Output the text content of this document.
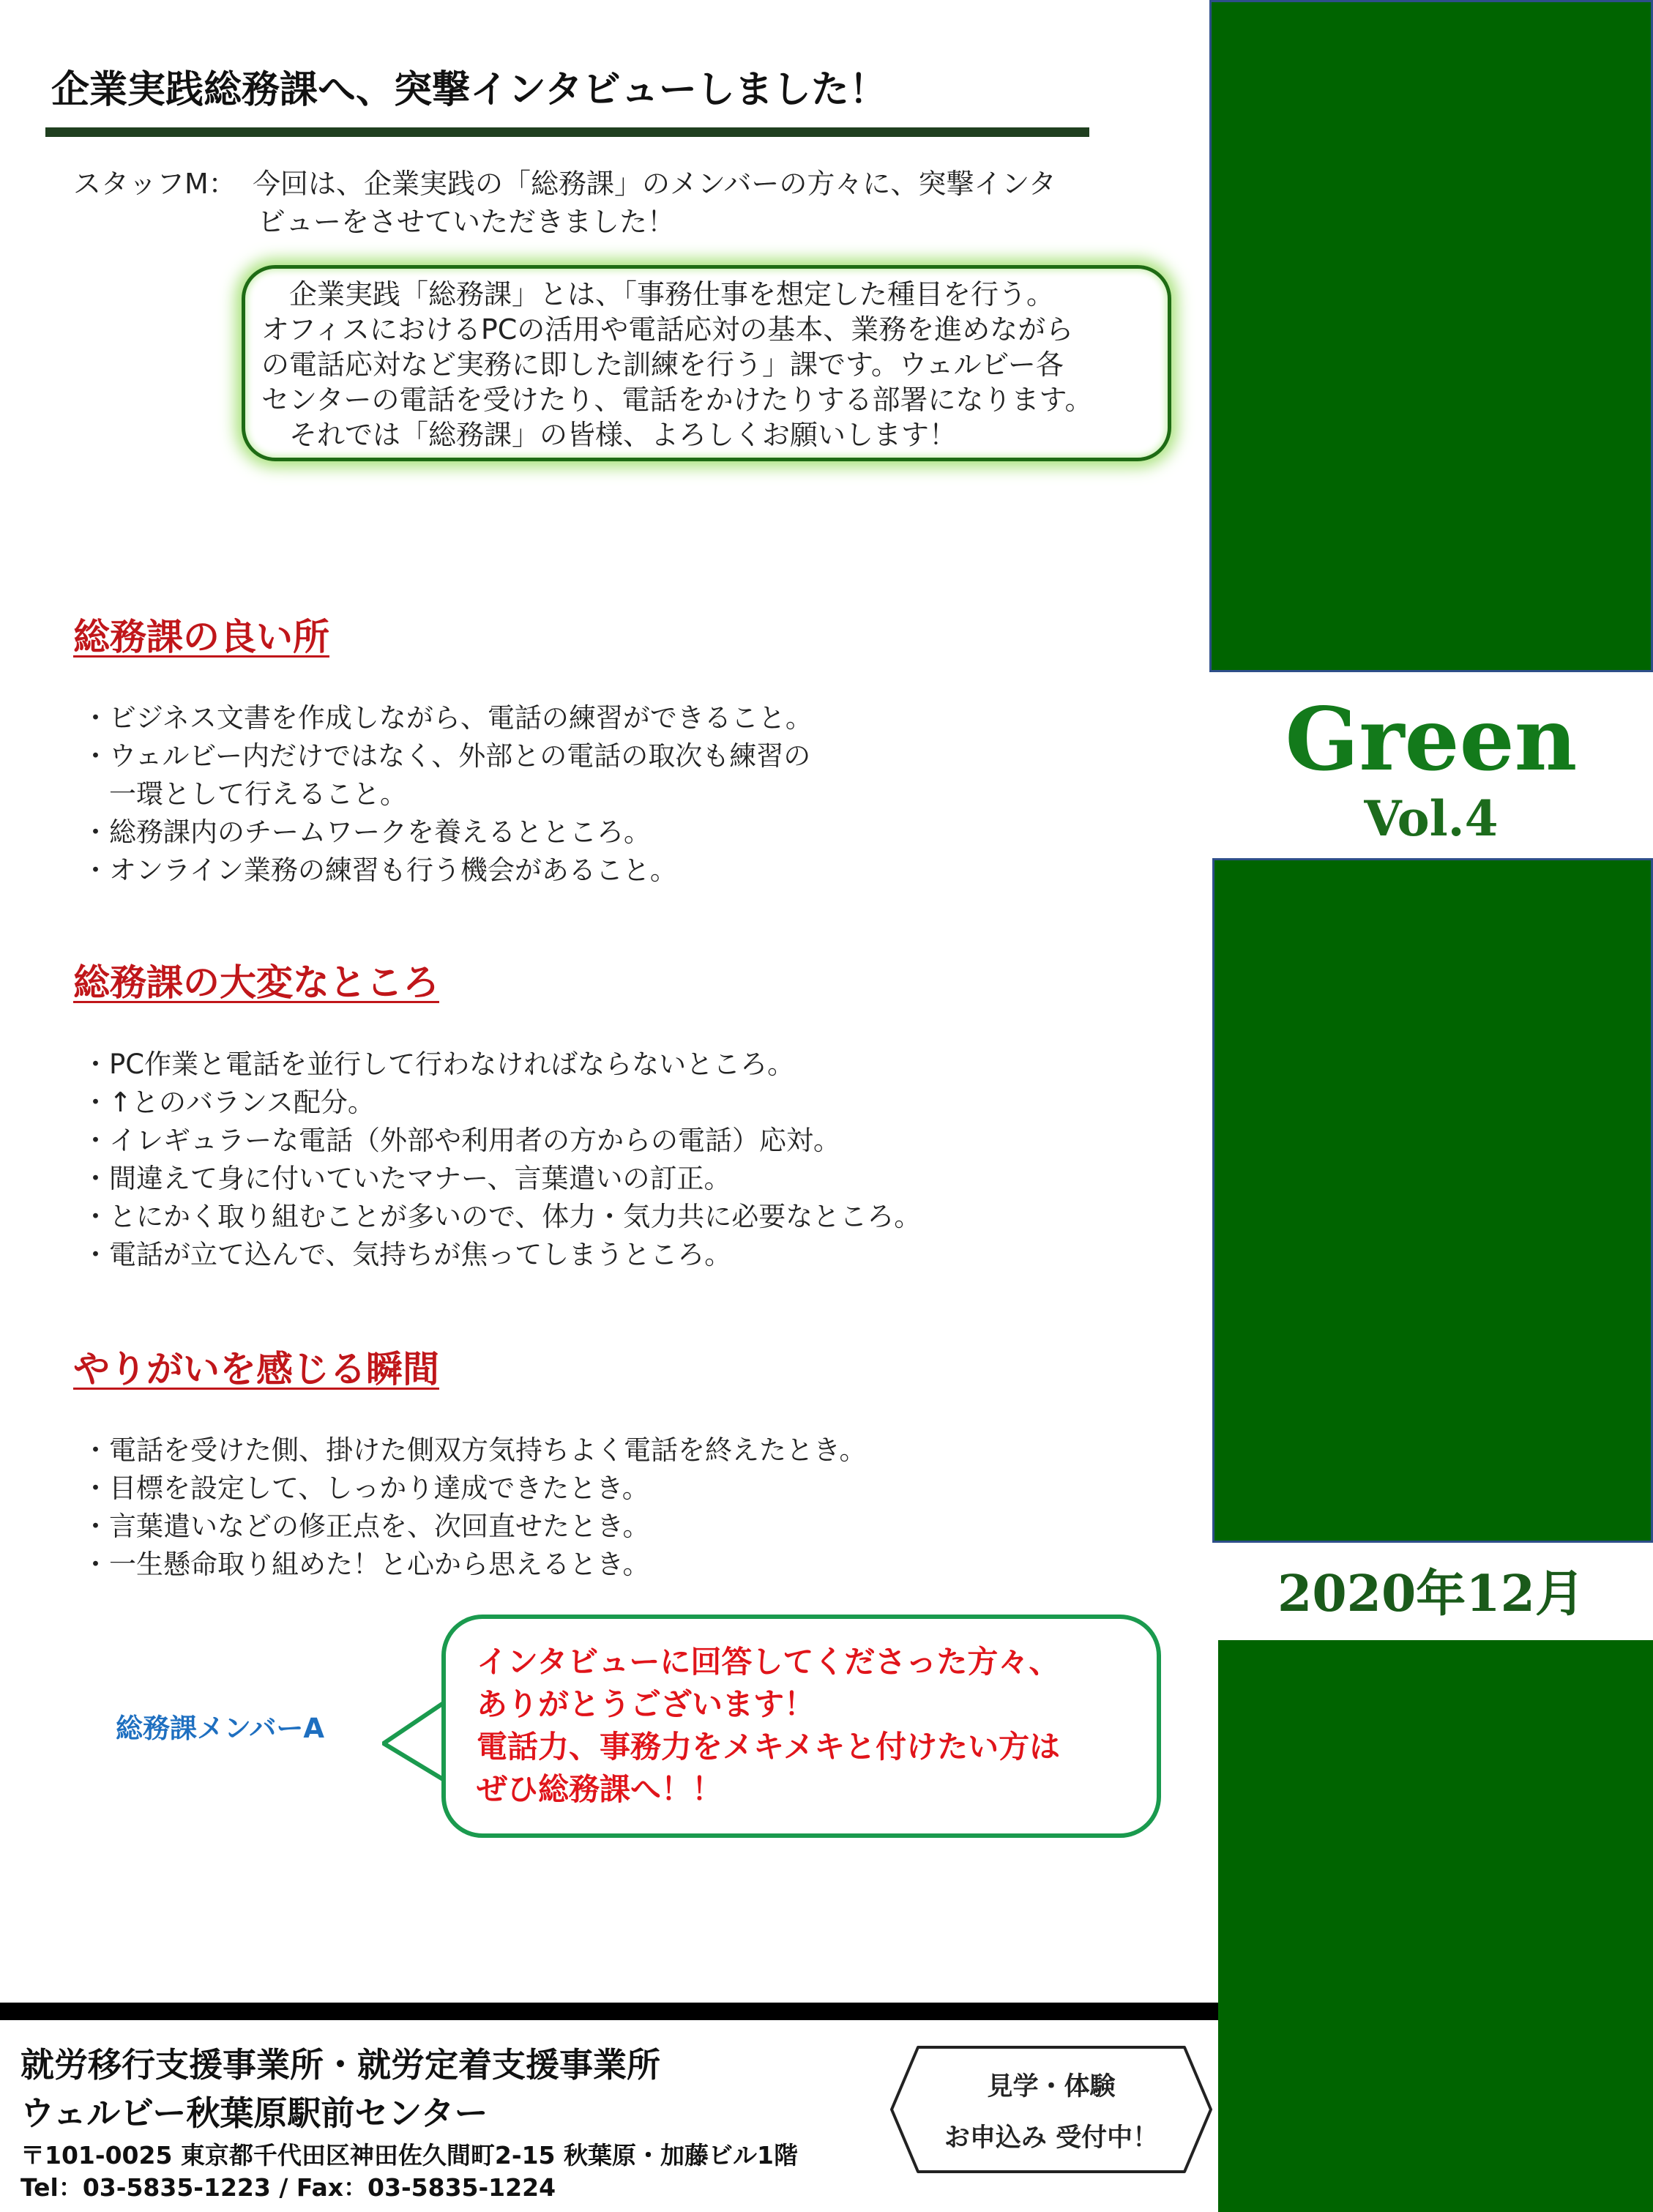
Green
Vol.4
2020年12月
企業実践総務課へ、突撃インタビューしました！
スタッフM： 今回は、企業実践の「総務課」のメンバーの方々に、突撃インタ
ビューをさせていただきました！
　企業実践「総務課」とは、「事務仕事を想定した種目を行う。
オフィスにおけるPCの活用や電話応対の基本、業務を進めながら
の電話応対など実務に即した訓練を行う」課です。ウェルビー各
センターの電話を受けたり、電話をかけたりする部署になります。
　それでは「総務課」の皆様、よろしくお願いします！
総務課の良い所
・ビジネス文書を作成しながら、電話の練習ができること。
・ウェルビー内だけではなく、外部との電話の取次も練習の
　一環として行えること。
・総務課内のチームワークを養えるとところ。
・オンライン業務の練習も行う機会があること。
総務課の大変なところ
・PC作業と電話を並行して行わなければならないところ。
・↑とのバランス配分。
・イレギュラーな電話（外部や利用者の方からの電話）応対。
・間違えて身に付いていたマナー、言葉遣いの訂正。
・とにかく取り組むことが多いので、体力・気力共に必要なところ。
・電話が立て込んで、気持ちが焦ってしまうところ。
やりがいを感じる瞬間
・電話を受けた側、掛けた側双方気持ちよく電話を終えたとき。
・目標を設定して、しっかり達成できたとき。
・言葉遣いなどの修正点を、次回直せたとき。
・一生懸命取り組めた！と心から思えるとき。
総務課メンバーA
インタビューに回答してくださった方々、
ありがとうございます！
電話力、事務力をメキメキと付けたい方は
ぜひ総務課へ！！
就労移行支援事業所・就労定着支援事業所
ウェルビー秋葉原駅前センター
〒101-0025 東京都千代田区神田佐久間町2-15 秋葉原・加藤ビル1階
Tel：03-5835-1223 / Fax：03-5835-1224
見学・体験
お申込み 受付中！
